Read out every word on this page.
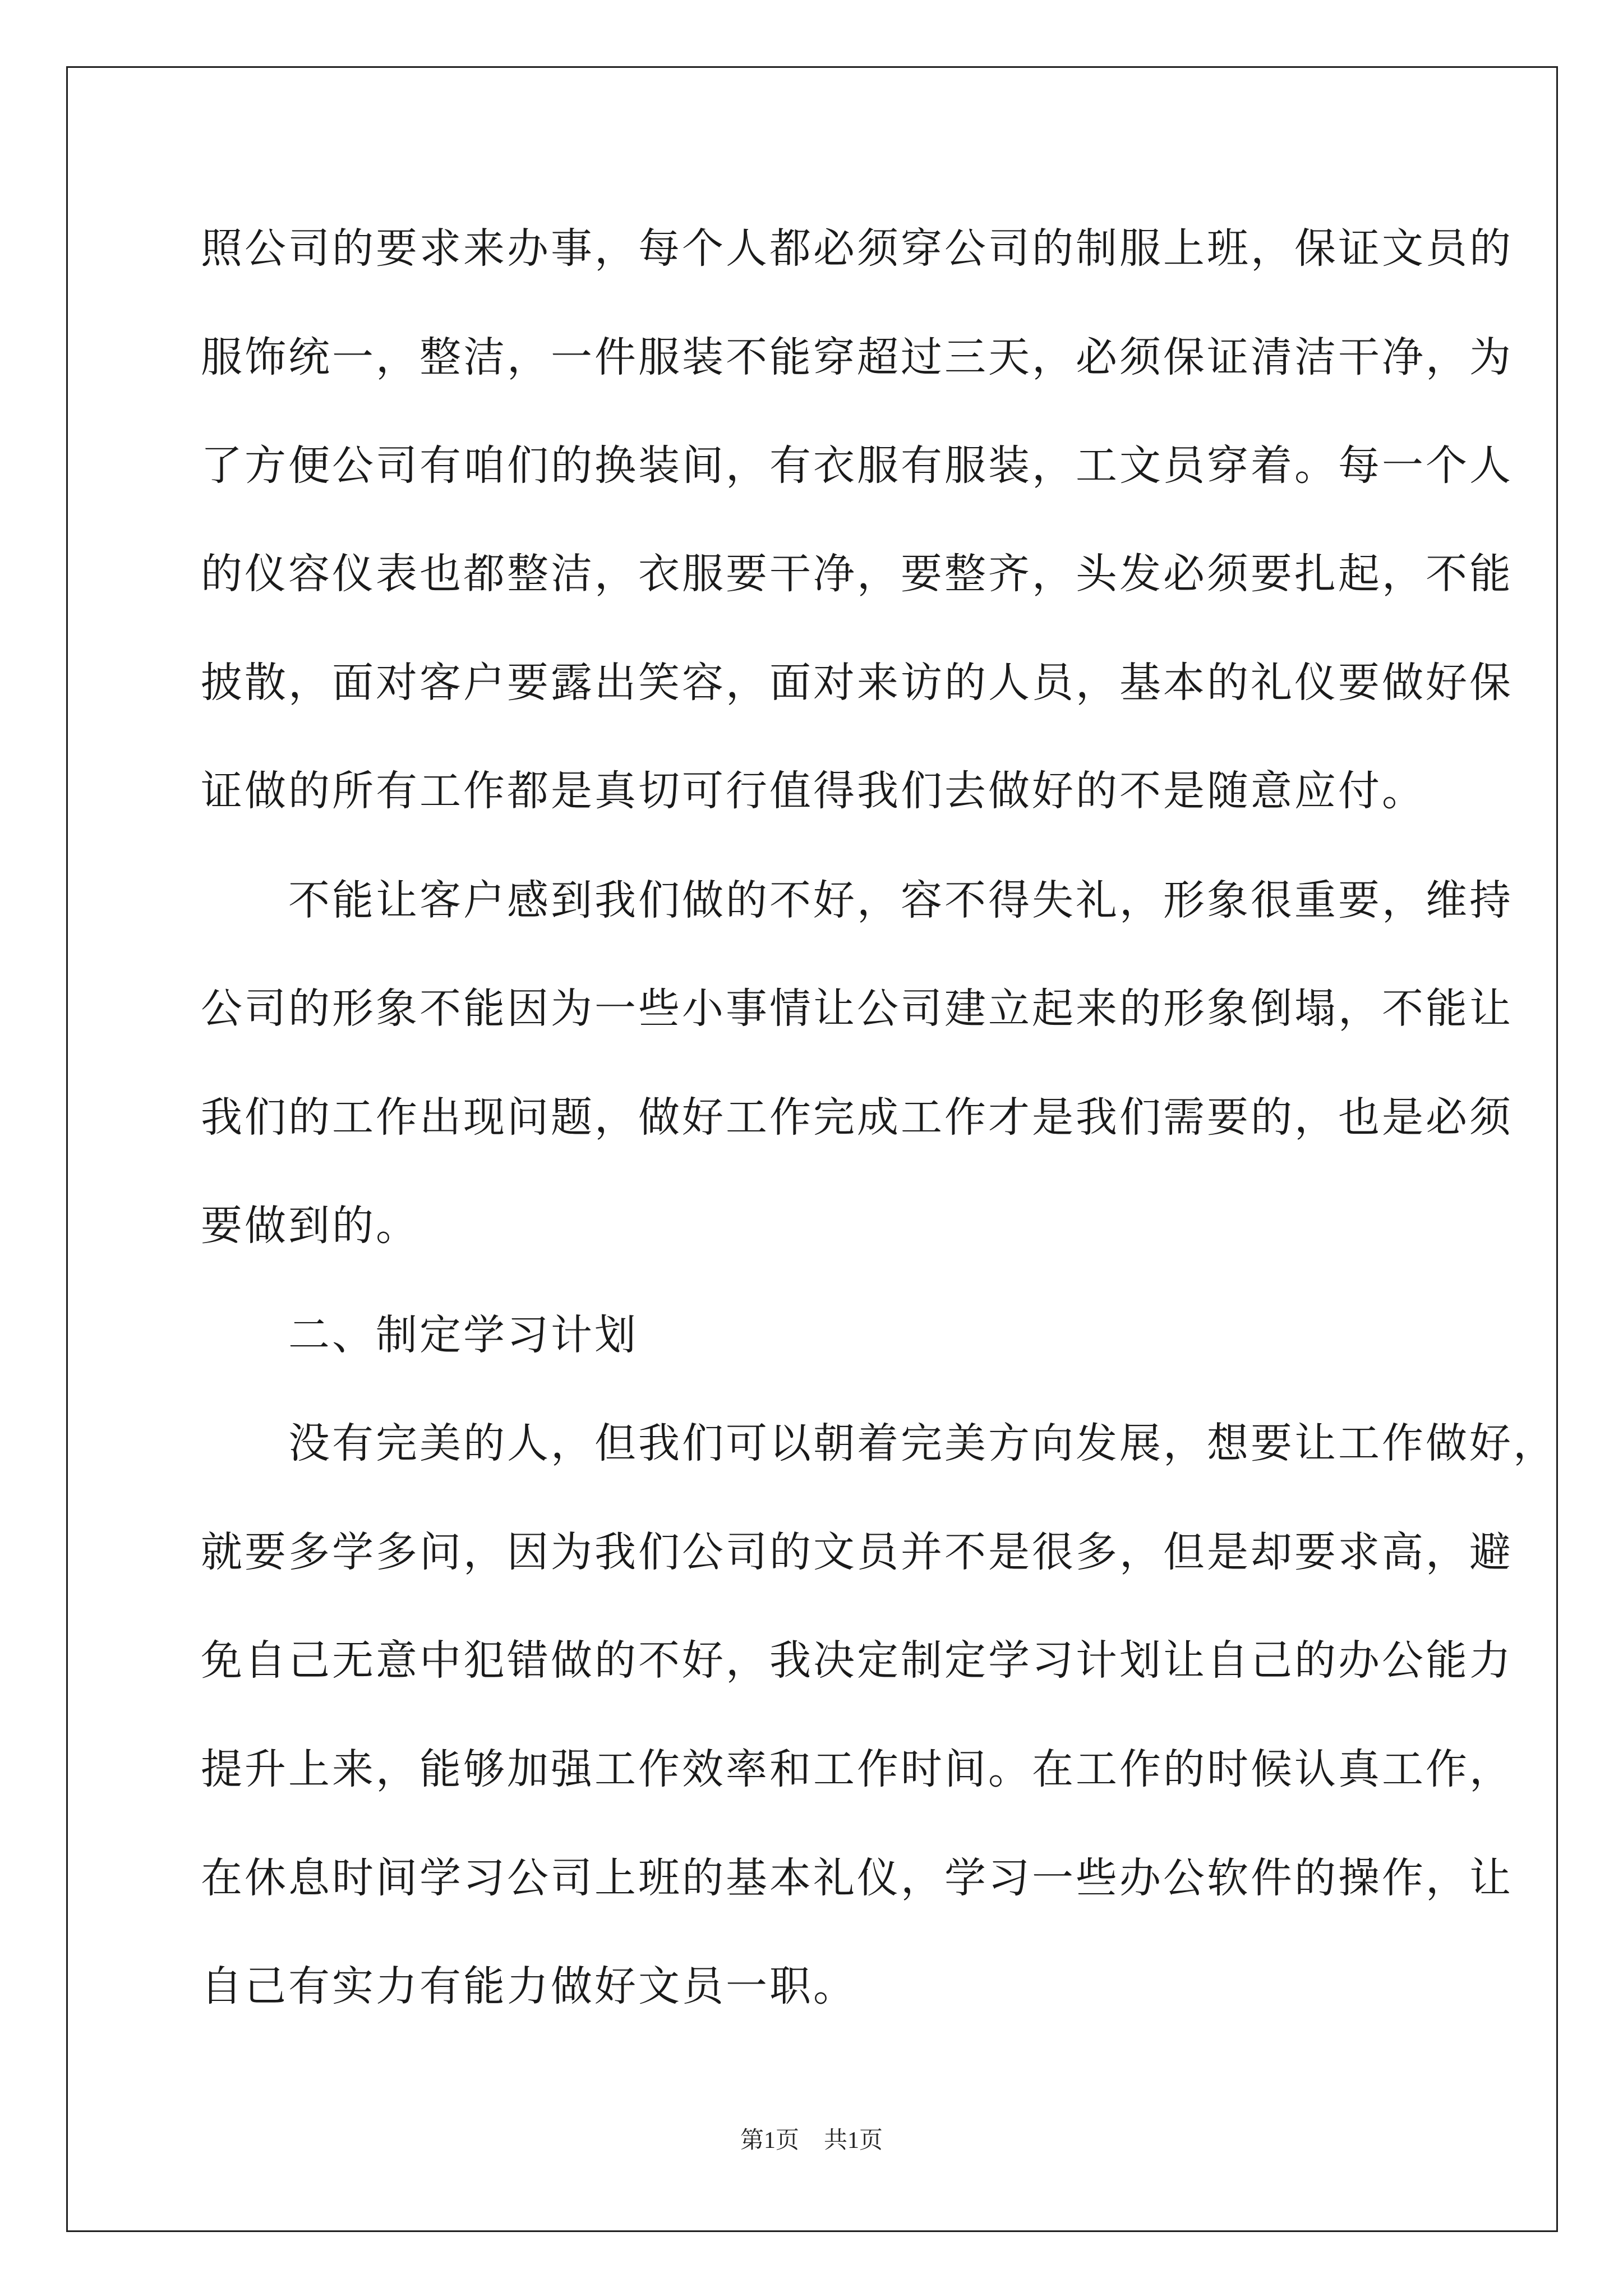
照公司的要求来办事，每个人都必须穿公司的制服上班，保证文员的
服饰统一，整洁，一件服装不能穿超过三天，必须保证清洁干净，为
了方便公司有咱们的换装间，有衣服有服装，工文员穿着。每一个人
的仪容仪表也都整洁，衣服要干净，要整齐，头发必须要扎起，不能
披散，面对客户要露出笑容，面对来访的人员，基本的礼仪要做好保
证做的所有工作都是真切可行值得我们去做好的不是随意应付。
　　不能让客户感到我们做的不好，容不得失礼，形象很重要，维持
公司的形象不能因为一些小事情让公司建立起来的形象倒塌，不能让
我们的工作出现问题，做好工作完成工作才是我们需要的，也是必须
要做到的。
　　二、制定学习计划
　　没有完美的人，但我们可以朝着完美方向发展，想要让工作做好，
就要多学多问，因为我们公司的文员并不是很多，但是却要求高，避
免自己无意中犯错做的不好，我决定制定学习计划让自己的办公能力
提升上来，能够加强工作效率和工作时间。在工作的时候认真工作，
在休息时间学习公司上班的基本礼仪，学习一些办公软件的操作，让
自己有实力有能力做好文员一职。
第1页 共1页
